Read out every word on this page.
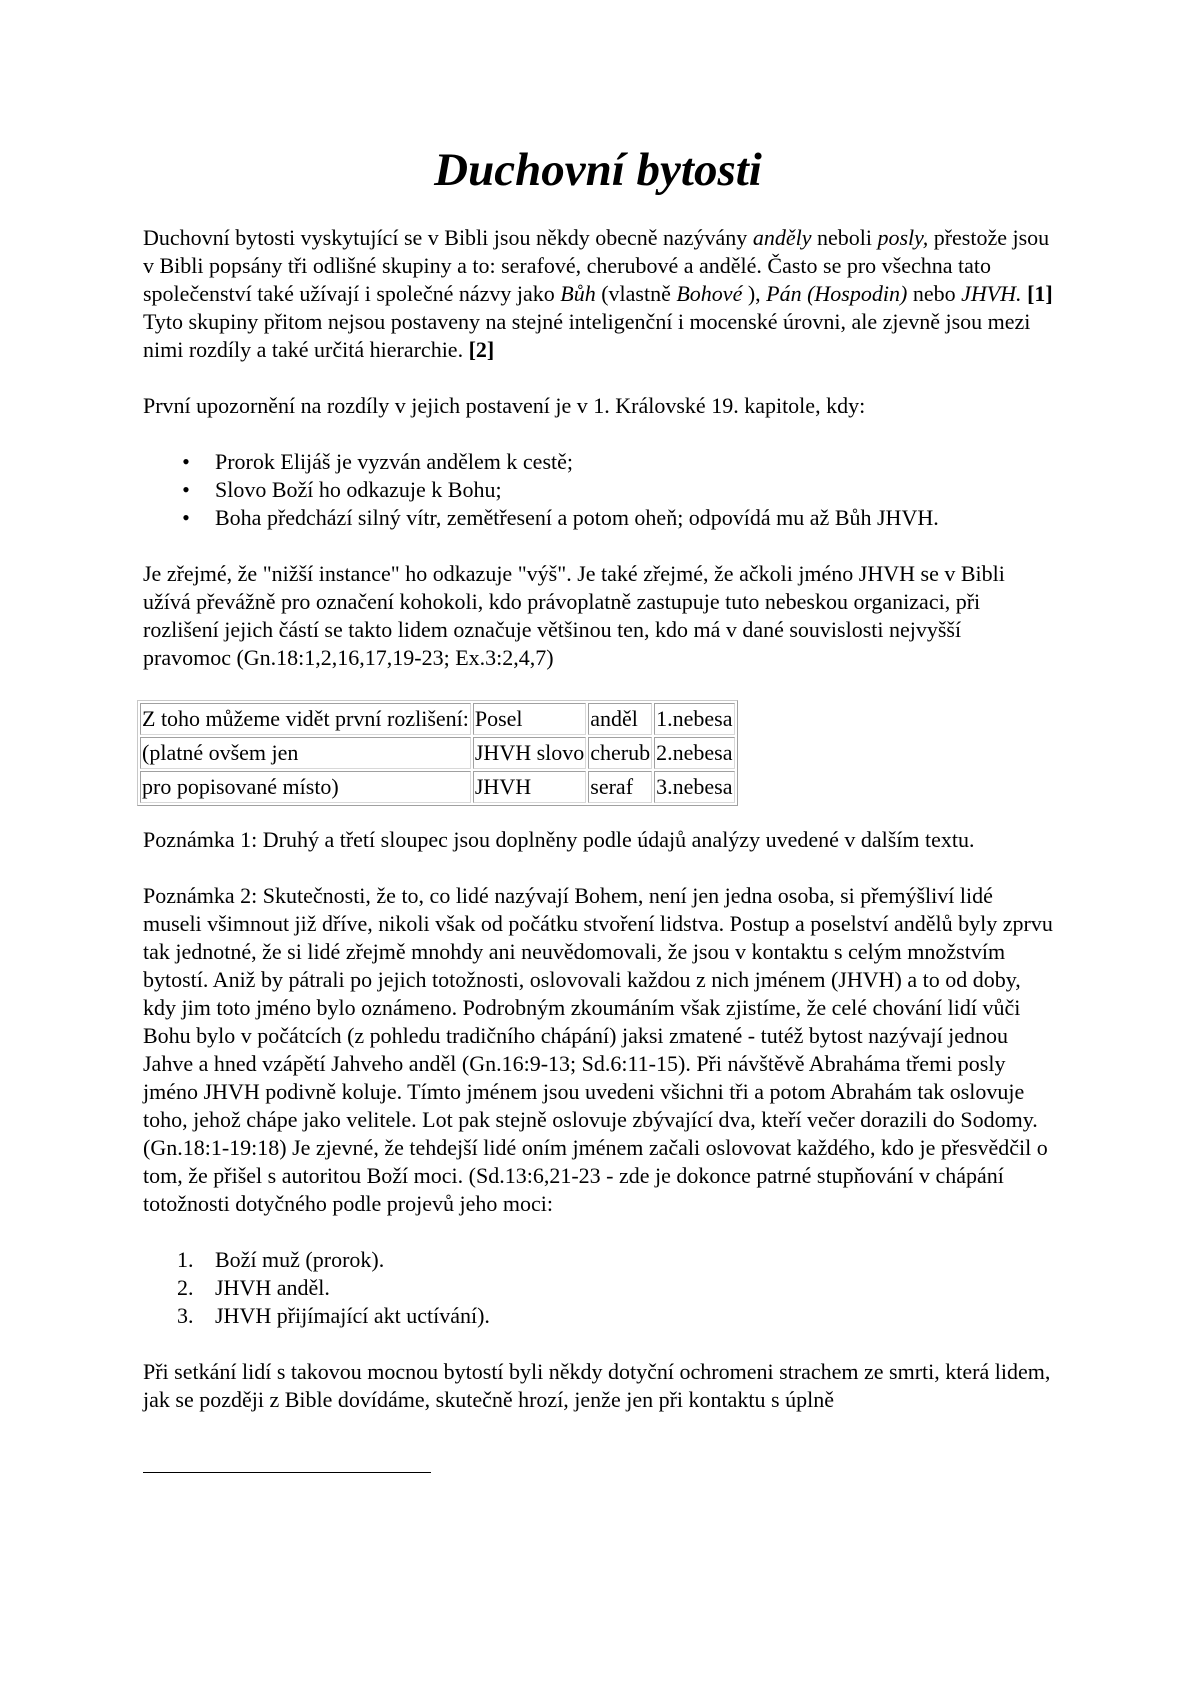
Duchovní bytosti

Duchovní bytosti vyskytující se v Bibli jsou někdy obecně nazývány anděly neboli posly, přestože jsou v Bibli popsány tři odlišné skupiny a to: serafové, cherubové a andělé. Často se pro všechna tato společenství také užívají i společné názvy jako Bůh (vlastně Bohové ), Pán (Hospodin) nebo JHVH. [1] Tyto skupiny přitom nejsou postaveny na stejné inteligenční i mocenské úrovni, ale zjevně jsou mezi nimi rozdíly a také určitá hierarchie. [2]

První upozornění na rozdíly v jejich postavení je v 1. Královské 19. kapitole, kdy:

• Prorok Elijáš je vyzván andělem k cestě;
• Slovo Boží ho odkazuje k Bohu;
• Boha předchází silný vítr, zemětřesení a potom oheň; odpovídá mu až Bůh JHVH.

Je zřejmé, že "nižší instance" ho odkazuje "výš". Je také zřejmé, že ačkoli jméno JHVH se v Bibli užívá převážně pro označení kohokoli, kdo právoplatně zastupuje tuto nebeskou organizaci, při rozlišení jejich částí se takto lidem označuje většinou ten, kdo má v dané souvislosti nejvyšší pravomoc (Gn.18:1,2,16,17,19-23; Ex.3:2,4,7)

Z toho můžeme vidět první rozlišení:	Posel	anděl	1.nebesa
(platné ovšem jen	JHVH slovo	cherub	2.nebesa
pro popisované místo)	JHVH	seraf	3.nebesa

Poznámka 1: Druhý a třetí sloupec jsou doplněny podle údajů analýzy uvedené v dalším textu.

Poznámka 2: Skutečnosti, že to, co lidé nazývají Bohem, není jen jedna osoba, si přemýšliví lidé museli všimnout již dříve, nikoli však od počátku stvoření lidstva. Postup a poselství andělů byly zprvu tak jednotné, že si lidé zřejmě mnohdy ani neuvědomovali, že jsou v kontaktu s celým množstvím bytostí. Aniž by pátrali po jejich totožnosti, oslovovali každou z nich jménem (JHVH) a to od doby, kdy jim toto jméno bylo oznámeno. Podrobným zkoumáním však zjistíme, že celé chování lidí vůči Bohu bylo v počátcích (z pohledu tradičního chápání) jaksi zmatené - tutéž bytost nazývají jednou Jahve a hned vzápětí Jahveho anděl (Gn.16:9-13; Sd.6:11-15). Při návštěvě Abraháma třemi posly jméno JHVH podivně koluje. Tímto jménem jsou uvedeni všichni tři a potom Abrahám tak oslovuje toho, jehož chápe jako velitele. Lot pak stejně oslovuje zbývající dva, kteří večer dorazili do Sodomy. (Gn.18:1-19:18) Je zjevné, že tehdejší lidé oním jménem začali oslovovat každého, kdo je přesvědčil o tom, že přišel s autoritou Boží moci. (Sd.13:6,21-23 - zde je dokonce patrné stupňování v chápání totožnosti dotyčného podle projevů jeho moci:

1. Boží muž (prorok).
2. JHVH anděl.
3. JHVH přijímající akt uctívání).

Při setkání lidí s takovou mocnou bytostí byli někdy dotyční ochromeni strachem ze smrti, která lidem, jak se později z Bible dovídáme, skutečně hrozí, jenže jen při kontaktu s úplně
